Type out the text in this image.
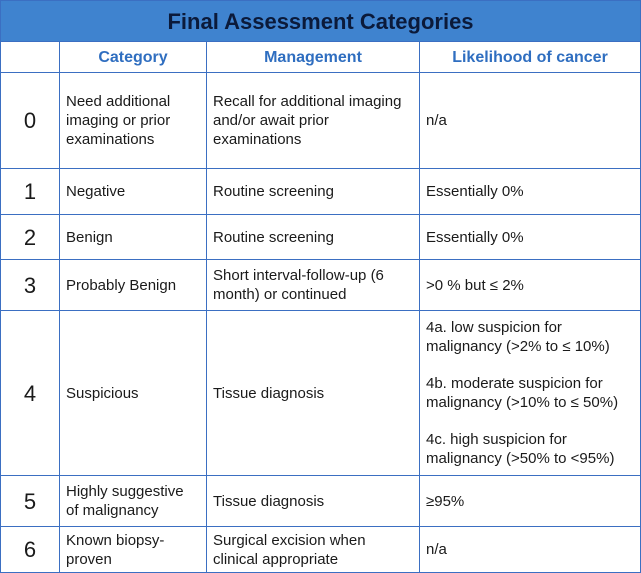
Final Assessment Categories			
	Category	Management	Likelihood of cancer
0	Need additional imaging or prior examinations	Recall for additional imaging and/or await prior examinations	n/a
1	Negative	Routine screening	Essentially 0%
2	Benign	Routine screening	Essentially 0%
3	Probably Benign	Short interval-follow-up (6 month) or continued	>0 % but ≤ 2%
4	Suspicious	Tissue diagnosis	4a. low suspicion for malignancy (>2% to ≤ 10%)
4b. moderate suspicion for malignancy (>10% to ≤ 50%)
4c. high suspicion for malignancy (>50% to <95%)

5	Highly suggestive of malignancy	Tissue diagnosis	≥95%
6	Known biopsy-proven	Surgical excision when clinical appropriate	n/a
